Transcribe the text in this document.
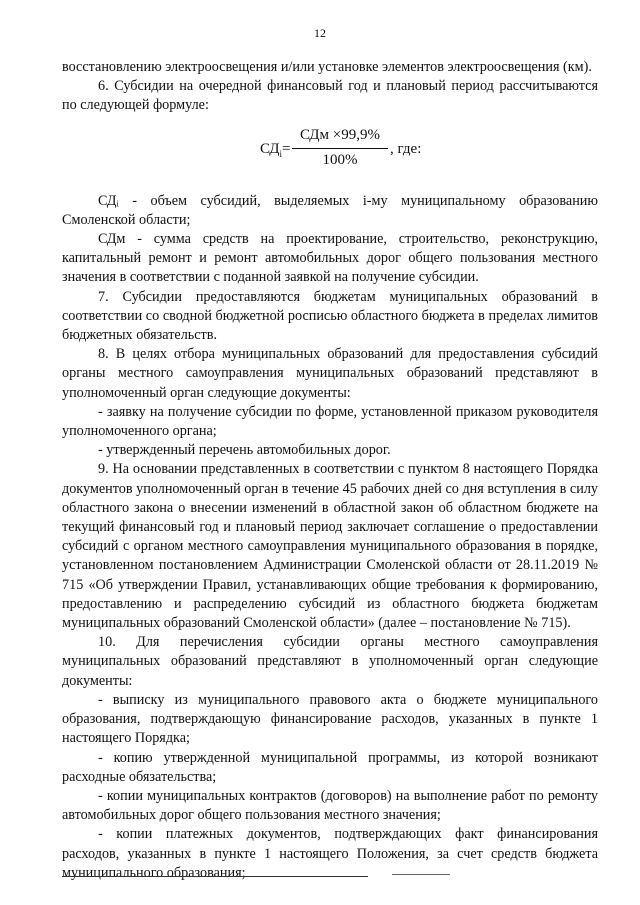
12

восстановлению электроосвещения и/или установке элементов электроосвещения (км).

6. Субсидии на очередной финансовый год и плановый период рассчитываются по следующей формуле:

$СД_i=$
СДм ×99,9%
100%
, где:

СДᵢ - объем субсидий, выделяемых i-му муниципальному образованию Смоленской области;

СДм - сумма средств на проектирование, строительство, реконструкцию, капитальный ремонт и ремонт автомобильных дорог общего пользования местного значения в соответствии с поданной заявкой на получение субсидии.

7. Субсидии предоставляются бюджетам муниципальных образований в соответствии со сводной бюджетной росписью областного бюджета в пределах лимитов бюджетных обязательств.

8. В целях отбора муниципальных образований для предоставления субсидий органы местного самоуправления муниципальных образований представляют в уполномоченный орган следующие документы:

- заявку на получение субсидии по форме, установленной приказом руководителя уполномоченного органа;

- утвержденный перечень автомобильных дорог.

9. На основании представленных в соответствии с пунктом 8 настоящего Порядка документов уполномоченный орган в течение 45 рабочих дней со дня вступления в силу областного закона о внесении изменений в областной закон об областном бюджете на текущий финансовый год и плановый период заключает соглашение о предоставлении субсидий с органом местного самоуправления муниципального образования в порядке, установленном постановлением Администрации Смоленской области от 28.11.2019 № 715 «Об утверждении Правил, устанавливающих общие требования к формированию, предоставлению и распределению субсидий из областного бюджета бюджетам муниципальных образований Смоленской области» (далее – постановление № 715).

10. Для перечисления субсидии органы местного самоуправления муниципальных образований представляют в уполномоченный орган следующие документы:

- выписку из муниципального правового акта о бюджете муниципального образования, подтверждающую финансирование расходов, указанных в пункте 1 настоящего Порядка;

- копию утвержденной муниципальной программы, из которой возникают расходные обязательства;

- копии муниципальных контрактов (договоров) на выполнение работ по ремонту автомобильных дорог общего пользования местного значения;

- копии платежных документов, подтверждающих факт финансирования расходов, указанных в пункте 1 настоящего Положения, за счет средств бюджета муниципального образования;
